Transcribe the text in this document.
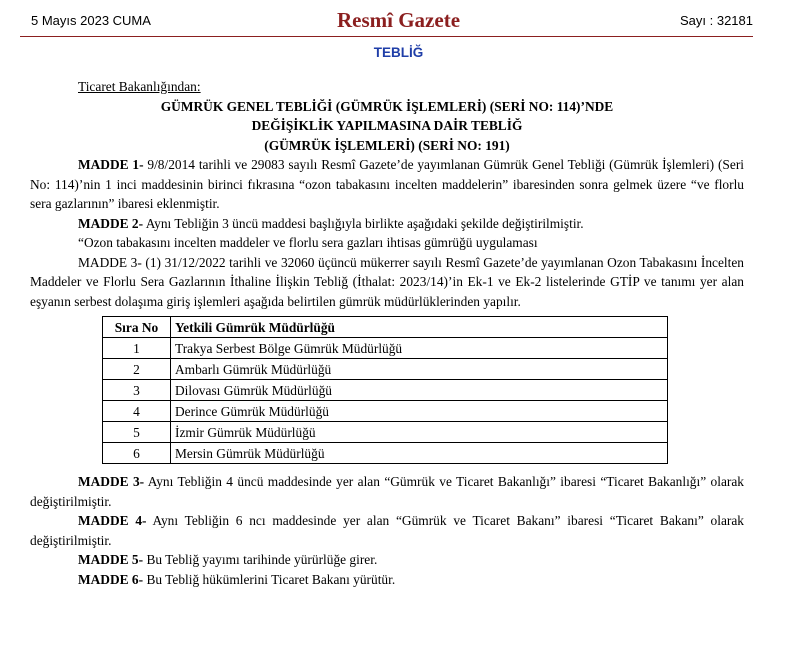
5 Mayıs 2023 CUMA	Resmî Gazete	Sayı : 32181
TEBLİĞ
Ticaret Bakanlığından:
GÜMRÜK GENEL TEBLİĞİ (GÜMRÜK İŞLEMLERİ) (SERİ NO: 114)’NDE
DEĞİŞİKLİK YAPILMASINA DAİR TEBLİĞ
(GÜMRÜK İŞLEMLERİ) (SERİ NO: 191)

MADDE 1- 9/8/2014 tarihli ve 29083 sayılı Resmî Gazete’de yayımlanan Gümrük Genel Tebliği (Gümrük İşlemleri) (Seri No: 114)’nin 1 inci maddesinin birinci fıkrasına “ozon tabakasını incelten maddelerin” ibaresinden sonra gelmek üzere “ve florlu sera gazlarının” ibaresi eklenmiştir.

MADDE 2- Aynı Tebliğin 3 üncü maddesi başlığıyla birlikte aşağıdaki şekilde değiştirilmiştir.

“Ozon tabakasını incelten maddeler ve florlu sera gazları ihtisas gümrüğü uygulaması

MADDE 3- (1) 31/12/2022 tarihli ve 32060 üçüncü mükerrer sayılı Resmî Gazete’de yayımlanan Ozon Tabakasını İncelten Maddeler ve Florlu Sera Gazlarının İthaline İlişkin Tebliğ (İthalat: 2023/14)’in Ek-1 ve Ek-2 listelerinde GTİP ve tanımı yer alan eşyanın serbest dolaşıma giriş işlemleri aşağıda belirtilen gümrük müdürlüklerinden yapılır.

Sıra No	Yetkili Gümrük Müdürlüğü
1	Trakya Serbest Bölge Gümrük Müdürlüğü
2	Ambarlı Gümrük Müdürlüğü
3	Dilovası Gümrük Müdürlüğü
4	Derince Gümrük Müdürlüğü
5	İzmir Gümrük Müdürlüğü
6	Mersin Gümrük Müdürlüğü

MADDE 3- Aynı Tebliğin 4 üncü maddesinde yer alan “Gümrük ve Ticaret Bakanlığı” ibaresi “Ticaret Bakanlığı” olarak değiştirilmiştir.

MADDE 4- Aynı Tebliğin 6 ncı maddesinde yer alan “Gümrük ve Ticaret Bakanı” ibaresi “Ticaret Bakanı” olarak değiştirilmiştir.

MADDE 5- Bu Tebliğ yayımı tarihinde yürürlüğe girer.

MADDE 6- Bu Tebliğ hükümlerini Ticaret Bakanı yürütür.
